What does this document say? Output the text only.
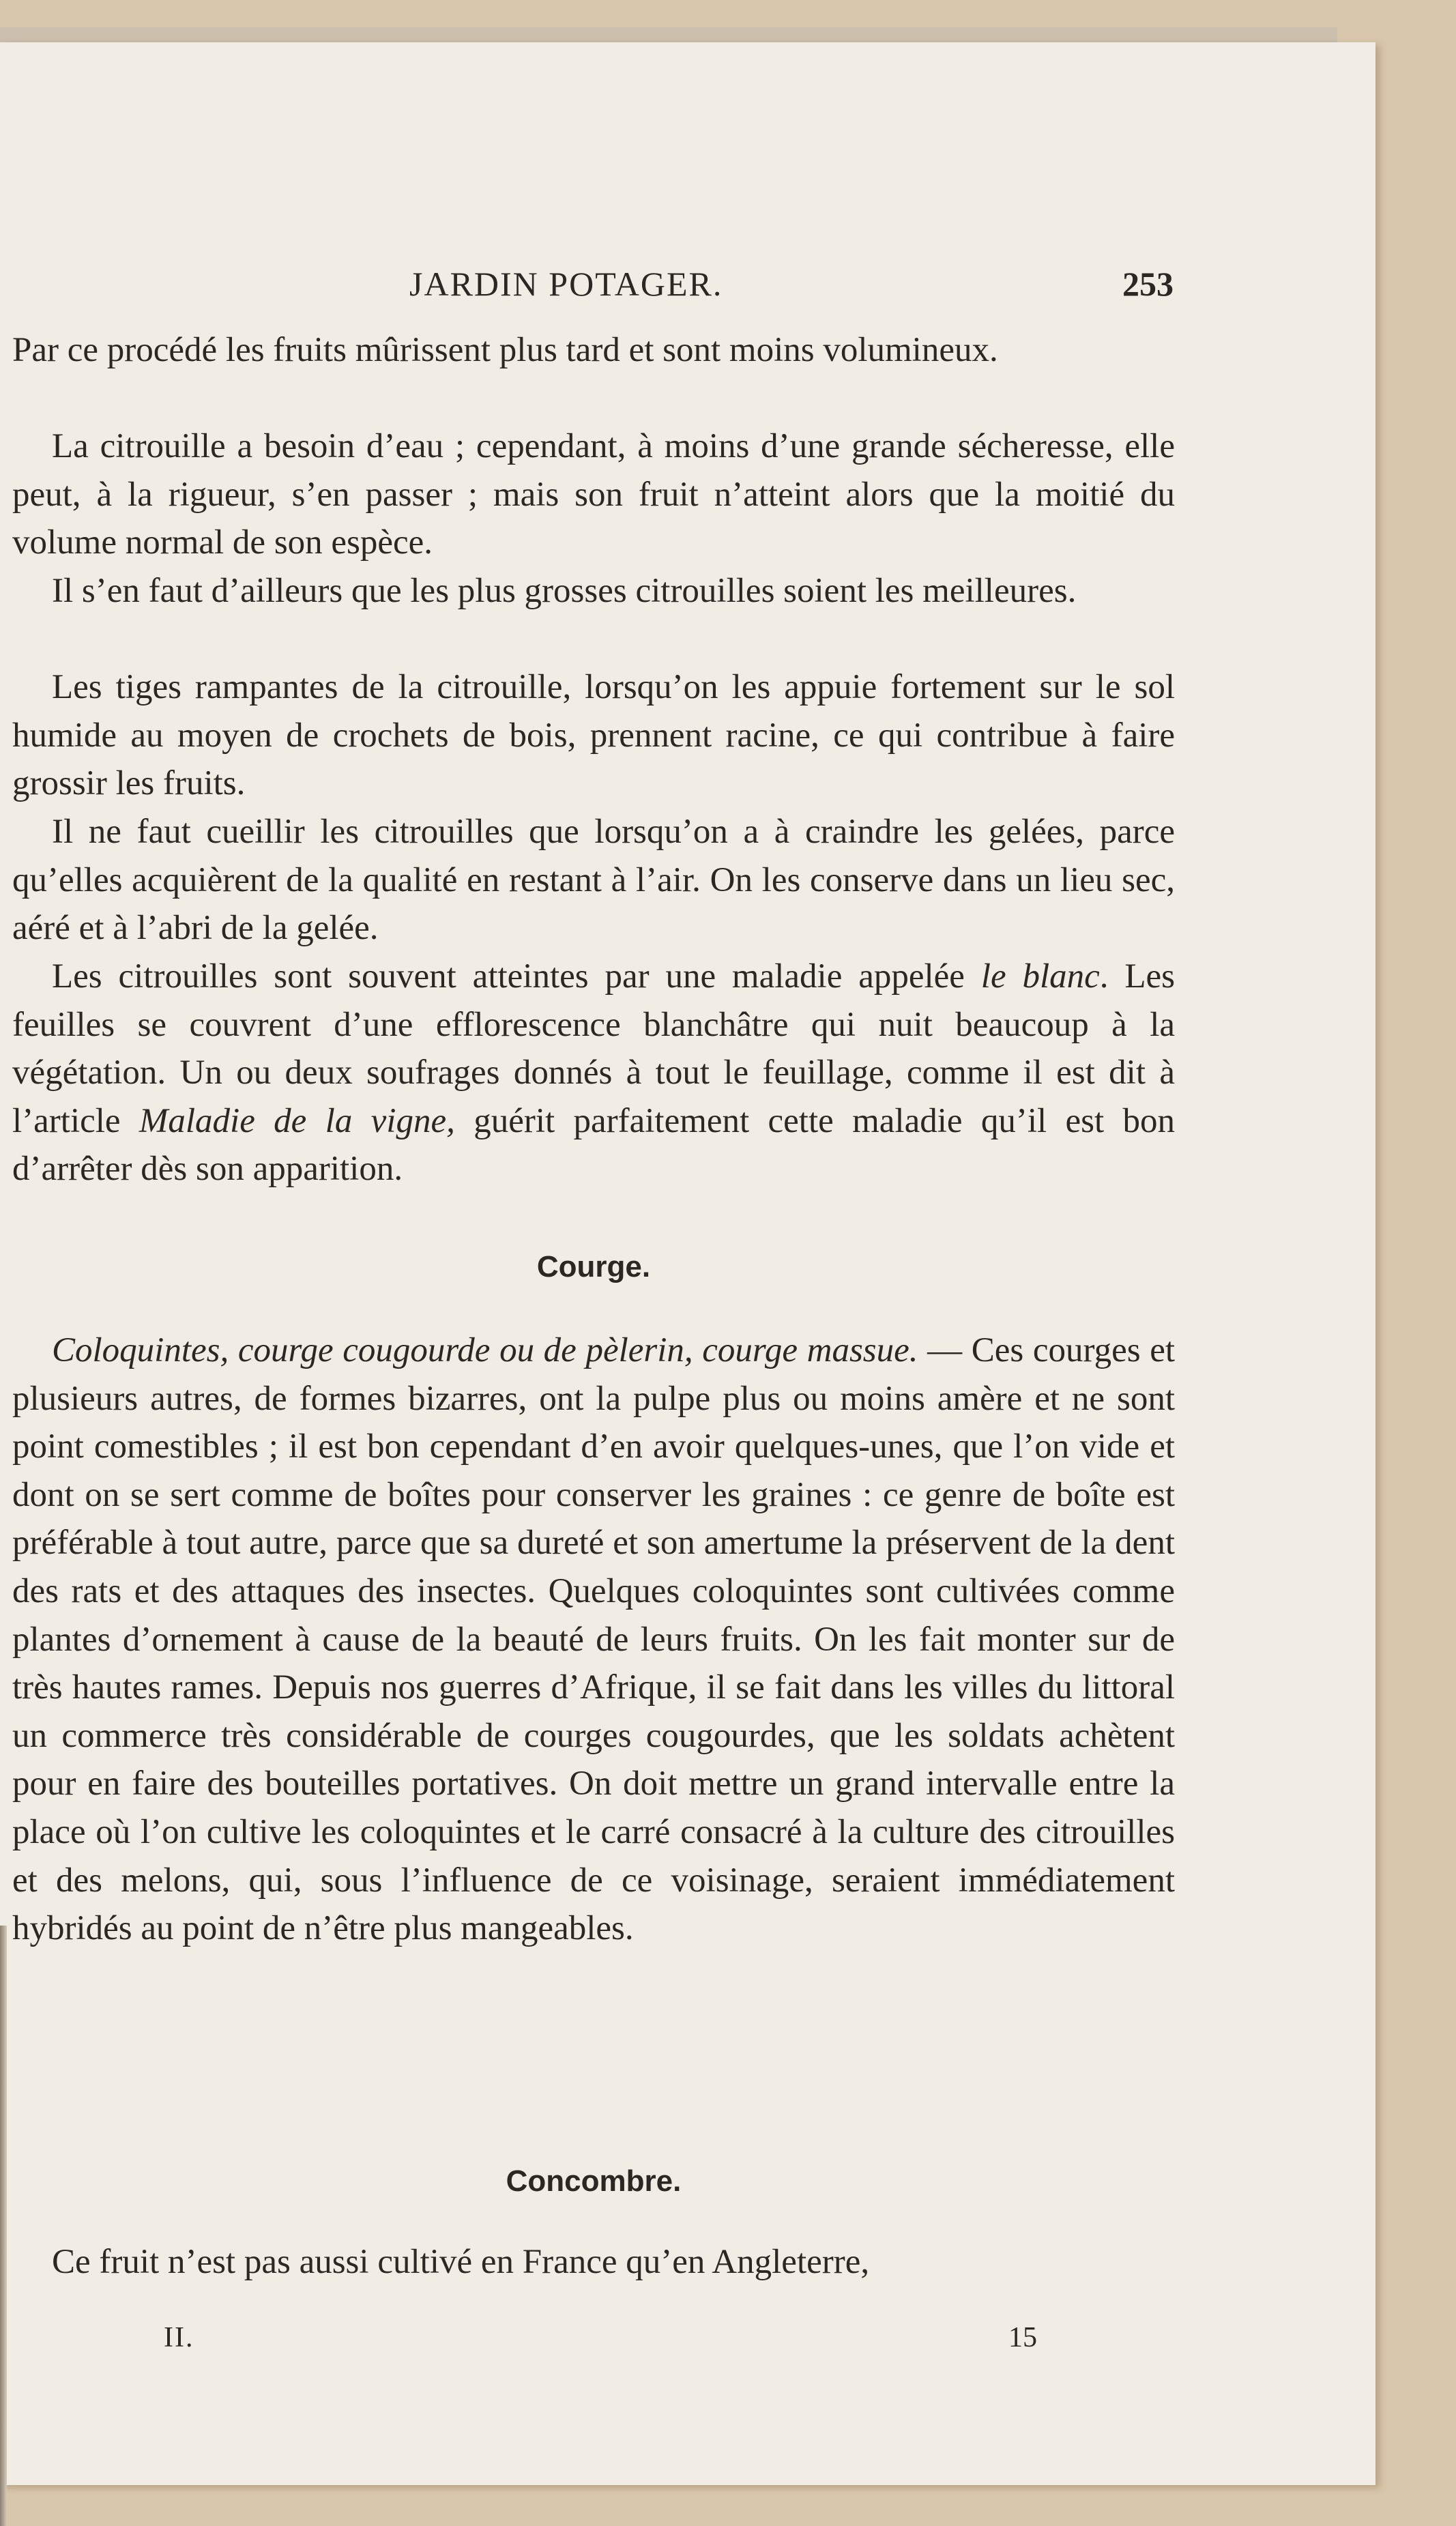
JARDIN POTAGER.	253
Par ce procédé les fruits mûrissent plus tard et sont moins volumineux.
La citrouille a besoin d’eau ; cependant, à moins d’une grande sécheresse, elle peut, à la rigueur, s’en passer ; mais son fruit n’atteint alors que la moitié du volume normal de son espèce.
Il s’en faut d’ailleurs que les plus grosses citrouilles soient les meilleures.
Les tiges rampantes de la citrouille, lorsqu’on les appuie fortement sur le sol humide au moyen de crochets de bois, prennent racine, ce qui contribue à faire grossir les fruits.
Il ne faut cueillir les citrouilles que lorsqu’on a à craindre les gelées, parce qu’elles acquièrent de la qualité en restant à l’air. On les conserve dans un lieu sec, aéré et à l’abri de la gelée.
Les citrouilles sont souvent atteintes par une maladie appelée le blanc. Les feuilles se couvrent d’une efflorescence blanchâtre qui nuit beaucoup à la végétation. Un ou deux soufrages donnés à tout le feuillage, comme il est dit à l’article Maladie de la vigne, guérit parfaitement cette maladie qu’il est bon d’arrêter dès son apparition.
Courge.
Coloquintes, courge cougourde ou de pèlerin, courge massue. — Ces courges et plusieurs autres, de formes bizarres, ont la pulpe plus ou moins amère et ne sont point comestibles ; il est bon cependant d’en avoir quelques-unes, que l’on vide et dont on se sert comme de boîtes pour conserver les graines : ce genre de boîte est préférable à tout autre, parce que sa dureté et son amertume la préservent de la dent des rats et des attaques des insectes. Quelques coloquintes sont cultivées comme plantes d’ornement à cause de la beauté de leurs fruits. On les fait monter sur de très hautes rames. Depuis nos guerres d’Afrique, il se fait dans les villes du littoral un commerce très considérable de courges cougourdes, que les soldats achètent pour en faire des bouteilles portatives. On doit mettre un grand intervalle entre la place où l’on cultive les coloquintes et le carré consacré à la culture des citrouilles et des melons, qui, sous l’influence de ce voisinage, seraient immédiatement hybridés au point de n’être plus mangeables.
Concombre.
Ce fruit n’est pas aussi cultivé en France qu’en Angleterre,
II.	15
